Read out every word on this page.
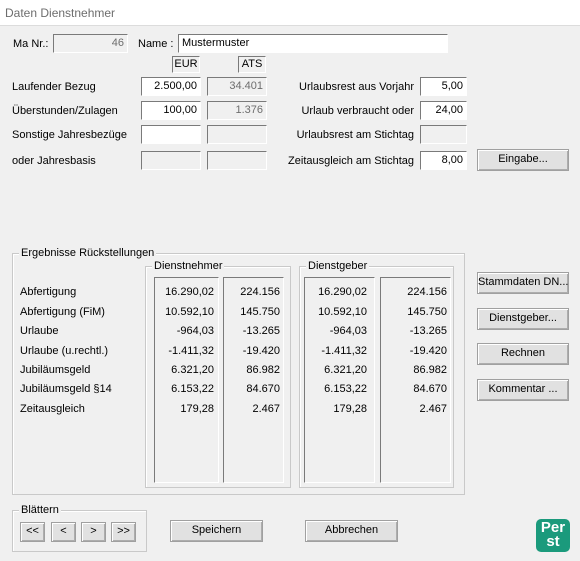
Daten Dienstnehmer
Ma Nr.:	46	Name : Mustermuster
EUR	ATS
Laufender Bezug	2.500,00	34.401
Überstunden/Zulagen	100,00	1.376
Sonstige Jahresbezüge
oder Jahresbasis
Urlaubsrest aus Vorjahr	5,00
Urlaub verbraucht oder	24,00
Urlaubsrest am Stichtag
Zeitausgleich am Stichtag	8,00	Eingabe...
Ergebnisse Rückstellungen
Dienstnehmer	Dienstgeber
Abfertigung	16.290,02	224.156	16.290,02	224.156
Abfertigung (FiM)	10.592,10	145.750	10.592,10	145.750
Urlaube	-964,03	-13.265	-964,03	-13.265
Urlaube (u.rechtl.)	-1.411,32	-19.420	-1.411,32	-19.420
Jubiläumsgeld	6.321,20	86.982	6.321,20	86.982
Jubiläumsgeld §14	6.153,22	84.670	6.153,22	84.670
Zeitausgleich	179,28	2.467	179,28	2.467
Stammdaten DN...
Dienstgeber...
Rechnen
Kommentar ...
Blättern
<<	<	>	>>	Speichern	Abbrechen	Per
st
